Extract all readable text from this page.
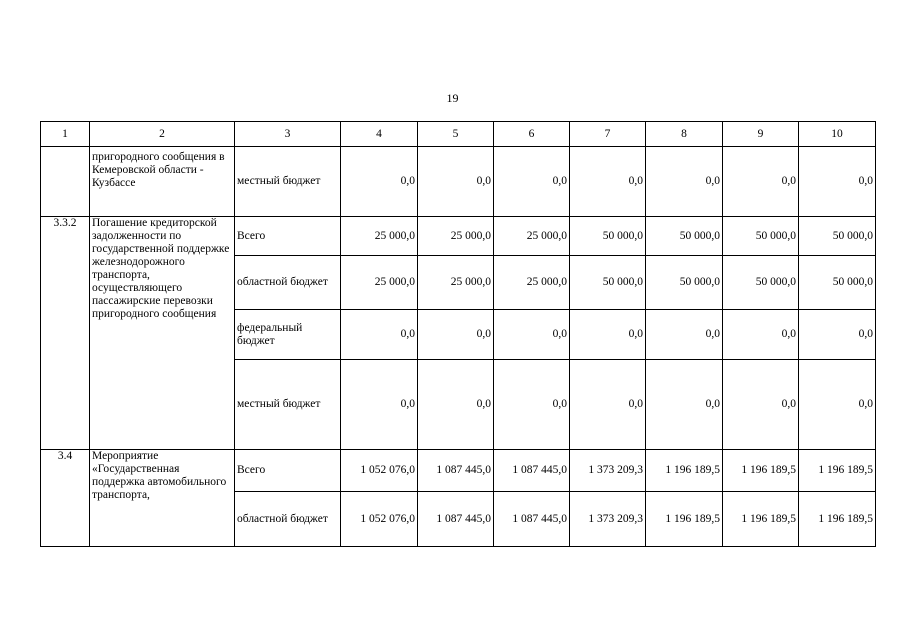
19
1	2	3	4	5	6	7	8	9	10
	пригородного сообщения в Кемеровской области - Кузбассе	местный бюджет	0,0	0,0	0,0	0,0	0,0	0,0	0,0
3.3.2	Погашение кредиторской задолженности по государственной поддержке железнодорожного транспорта, осуществляющего пассажирские перевозки пригородного сообщения	Всего	25 000,0	25 000,0	25 000,0	50 000,0	50 000,0	50 000,0	50 000,0
		областной бюджет	25 000,0	25 000,0	25 000,0	50 000,0	50 000,0	50 000,0	50 000,0
		федеральный бюджет	0,0	0,0	0,0	0,0	0,0	0,0	0,0
		местный бюджет	0,0	0,0	0,0	0,0	0,0	0,0	0,0
3.4	Мероприятие «Государственная поддержка автомобильного транспорта,	Всего	1 052 076,0	1 087 445,0	1 087 445,0	1 373 209,3	1 196 189,5	1 196 189,5	1 196 189,5
		областной бюджет	1 052 076,0	1 087 445,0	1 087 445,0	1 373 209,3	1 196 189,5	1 196 189,5	1 196 189,5
